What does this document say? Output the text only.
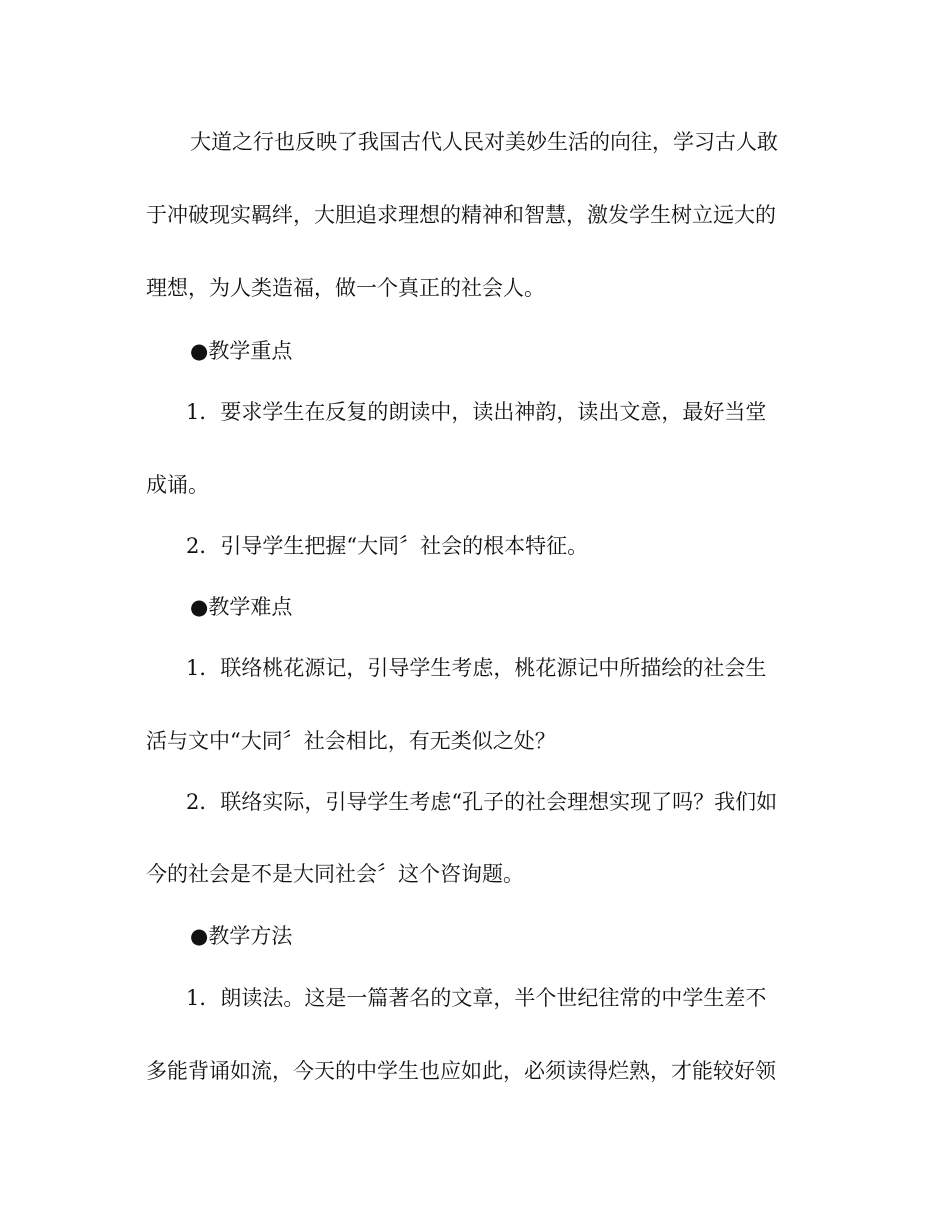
大道之行也反映了我国古代人民对美妙生活的向往，学习古人敢
于冲破现实羁绊，大胆追求理想的精神和智慧，激发学生树立远大的
理想，为人类造福，做一个真正的社会人。
●教学重点
1．要求学生在反复的朗读中，读出神韵，读出文意，最好当堂
成诵。
2．引导学生把握“大同〞社会的根本特征。
●教学难点
1．联络桃花源记，引导学生考虑，桃花源记中所描绘的社会生
活与文中“大同〞社会相比，有无类似之处？
2．联络实际，引导学生考虑“孔子的社会理想实现了吗？我们如
今的社会是不是大同社会〞这个咨询题。
●教学方法
1．朗读法。这是一篇著名的文章，半个世纪往常的中学生差不
多能背诵如流，今天的中学生也应如此，必须读得烂熟，才能较好领
